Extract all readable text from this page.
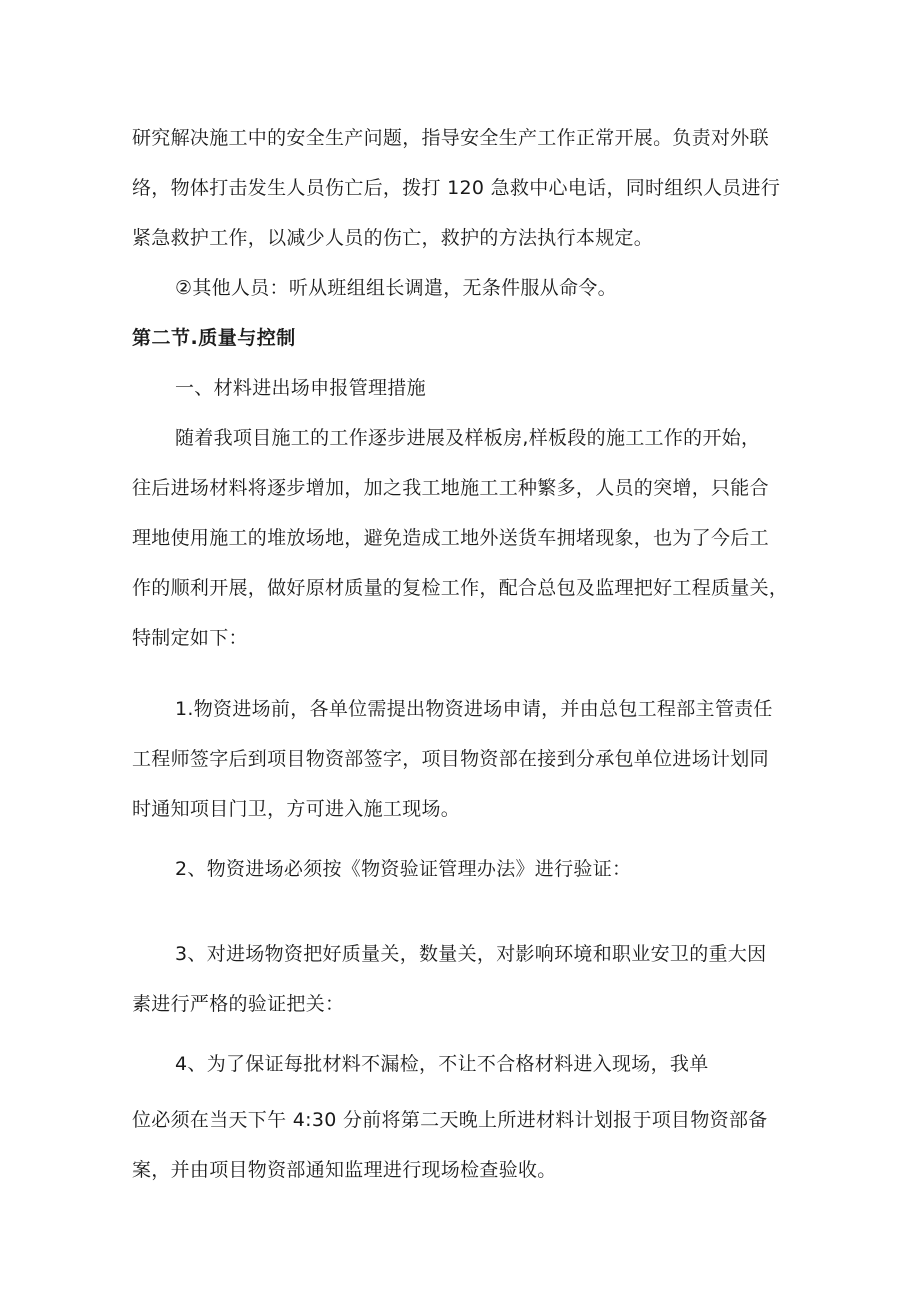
研究解决施工中的安全生产问题，指导安全生产工作正常开展。负责对外联
络，物体打击发生人员伤亡后，拨打 120 急救中心电话，同时组织人员进行
紧急救护工作，以减少人员的伤亡，救护的方法执行本规定。
②其他人员：听从班组组长调遣，无条件服从命令。
第二节.质量与控制
一、材料进出场申报管理措施
随着我项目施工的工作逐步进展及样板房,样板段的施工工作的开始，
往后进场材料将逐步增加，加之我工地施工工种繁多，人员的突增，只能合
理地使用施工的堆放场地，避免造成工地外送货车拥堵现象，也为了今后工
作的顺利开展，做好原材质量的复检工作，配合总包及监理把好工程质量关，
特制定如下：
1.物资进场前，各单位需提出物资进场申请，并由总包工程部主管责任
工程师签字后到项目物资部签字，项目物资部在接到分承包单位进场计划同
时通知项目门卫，方可进入施工现场。
2、物资进场必须按《物资验证管理办法》进行验证：
3、对进场物资把好质量关，数量关，对影响环境和职业安卫的重大因
素进行严格的验证把关：
4、为了保证每批材料不漏检，不让不合格材料进入现场，我单
位必须在当天下午 4:30 分前将第二天晚上所进材料计划报于项目物资部备
案，并由项目物资部通知监理进行现场检查验收。
